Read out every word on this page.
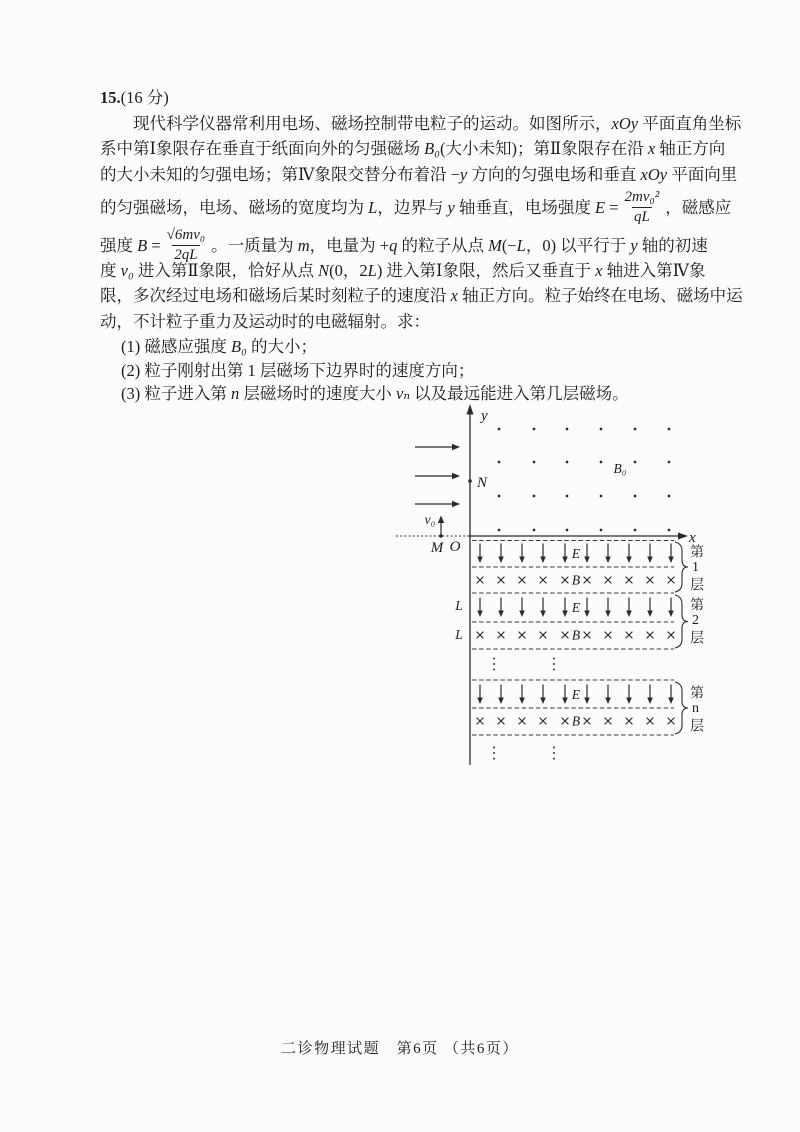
15.(16 分)
现代科学仪器常利用电场、磁场控制带电粒子的运动。如图所示，xOy 平面直角坐标
系中第Ⅰ象限存在垂直于纸面向外的匀强磁场 B₀(大小未知)；第Ⅱ象限存在沿 x 轴正方向
的大小未知的匀强电场；第Ⅳ象限交替分布着沿 −y 方向的匀强电场和垂直 xOy 平面向里
的匀强磁场，电场、磁场的宽度均为 L，边界与 y 轴垂直，电场强度 $E = \frac{\text{2mv₀²}}{qL}$ ，磁感应
强度 $B = \frac{\text{√6mv₀}}{2qL}$ 。一质量为 m，电量为 +q 的粒子从点 M(−L，0) 以平行于 y 轴的初速
度 v₀ 进入第Ⅱ象限，恰好从点 N(0，2L) 进入第Ⅰ象限，然后又垂直于 x 轴进入第Ⅳ象
限，多次经过电场和磁场后某时刻粒子的速度沿 x 轴正方向。粒子始终在电场、磁场中运
动，不计粒子重力及运动时的电磁辐射。求：
(1) 磁感应强度 B₀ 的大小；
(2) 粒子刚射出第 1 层磁场下边界时的速度方向；
(3) 粒子进入第 n 层磁场时的速度大小 vₙ 以及最远能进入第几层磁场。
y
x
O
M
N
v₀
B₀
E
B
E
B
E
B
L
L
第1层
第2层
第n层
二诊物理试题　第6页 （共6页）
